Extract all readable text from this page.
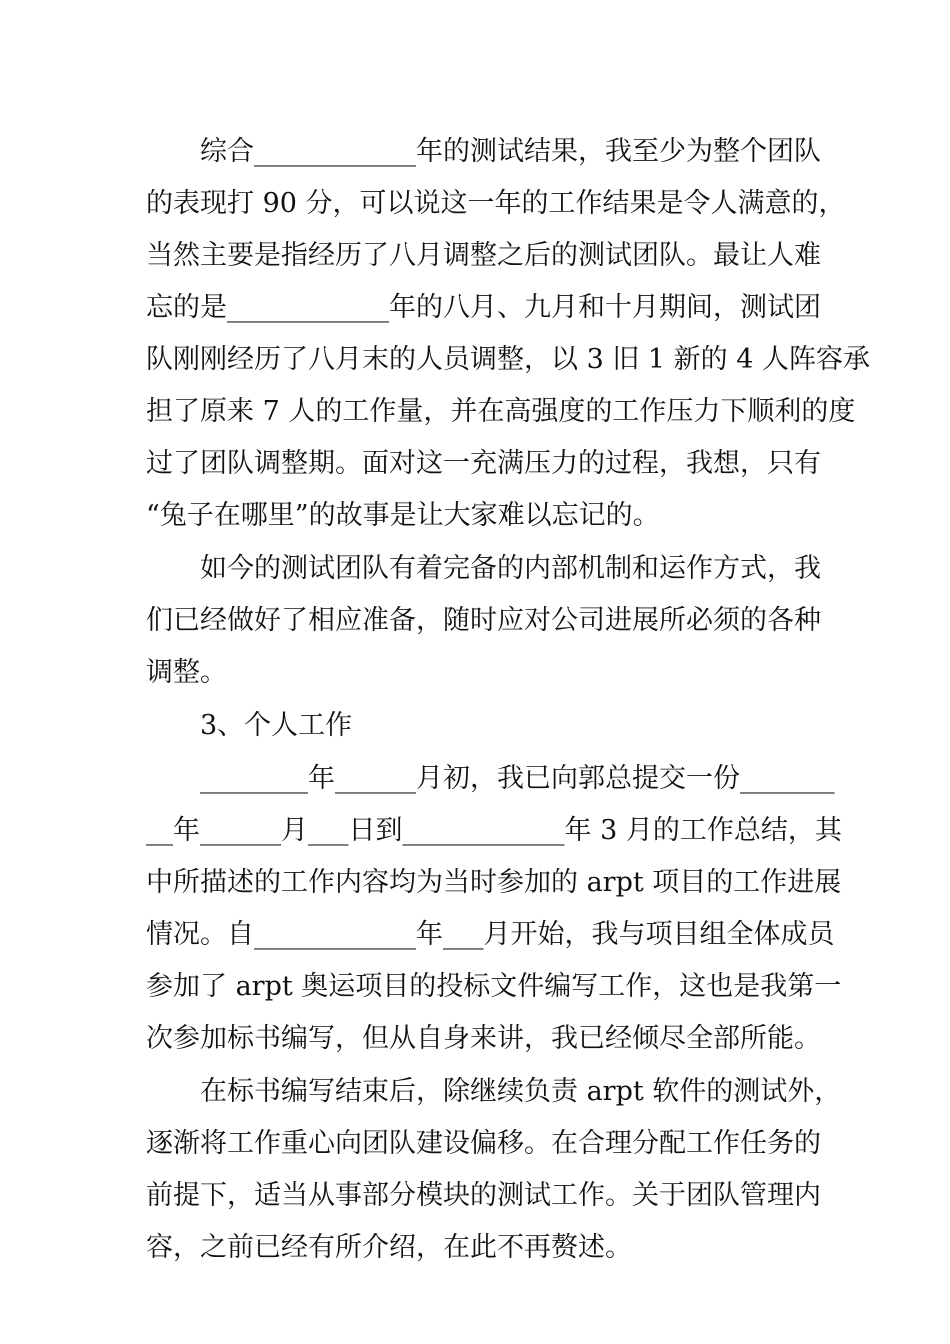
综合____________年的测试结果，我至少为整个团队
的表现打 90 分，可以说这一年的工作结果是令人满意的，
当然主要是指经历了八月调整之后的测试团队。最让人难
忘的是____________年的八月、九月和十月期间，测试团
队刚刚经历了八月末的人员调整，以 3 旧 1 新的 4 人阵容承
担了原来 7 人的工作量，并在高强度的工作压力下顺利的度
过了团队调整期。面对这一充满压力的过程，我想，只有
“兔子在哪里”的故事是让大家难以忘记的。
如今的测试团队有着完备的内部机制和运作方式，我
们已经做好了相应准备，随时应对公司进展所必须的各种
调整。
3、个人工作
________年______月初，我已向郭总提交一份_______
__年______月___日到____________年 3 月的工作总结，其
中所描述的工作内容均为当时参加的 arpt 项目的工作进展
情况。自____________年___月开始，我与项目组全体成员
参加了 arpt 奥运项目的投标文件编写工作，这也是我第一
次参加标书编写，但从自身来讲，我已经倾尽全部所能。
在标书编写结束后，除继续负责 arpt 软件的测试外，
逐渐将工作重心向团队建设偏移。在合理分配工作任务的
前提下，适当从事部分模块的测试工作。关于团队管理内
容，之前已经有所介绍，在此不再赘述。
